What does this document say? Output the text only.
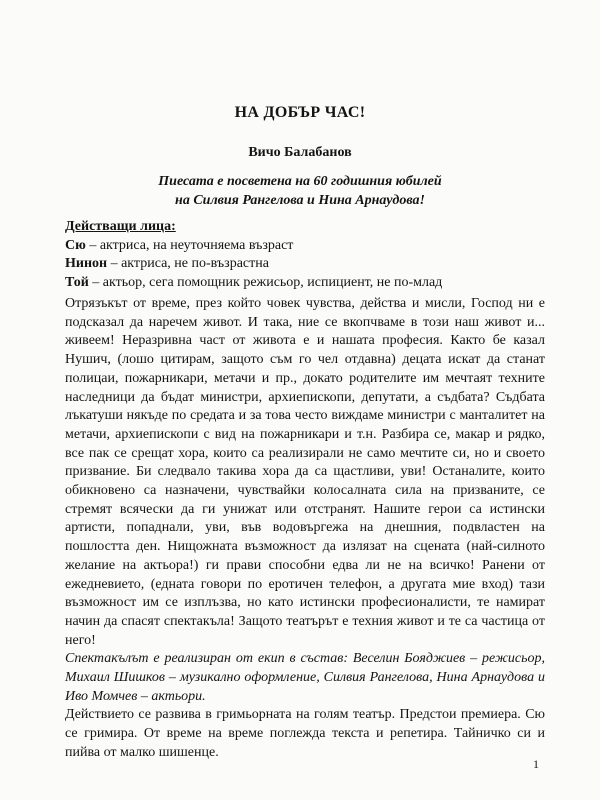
НА ДОБЪР ЧАС!
Вичо Балабанов
Пиесата е посветена на 60 годишния юбилей
на Силвия Рангелова и Нина Арнаудова!
Действащи лица:
Сю – актриса, на неуточняема възраст
Нинон – актриса, не по-възрастна
Той – актьор, сега помощник режисьор, испициент, не по-млад

Отрязъкът от време, през който човек чувства, действа и мисли, Господ ни е подсказал да наречем живот. И така, ние се вкопчваме в този наш живот и... живеем! Неразривна част от живота е и нашата професия. Както бе казал Нушич, (лошо цитирам, защото съм го чел отдавна) децата искат да станат полицаи, пожарникари, метачи и пр., докато родителите им мечтаят техните наследници да бъдат министри, архиепископи, депутати, а съдбата? Съдбата лъкатуши някъде по средата и за това често виждаме министри с манталитет на метачи, архиепископи с вид на пожарникари и т.н. Разбира се, макар и рядко, все пак се срещат хора, които са реализирали не само мечтите си, но и своето призвание. Би следвало такива хора да са щастливи, уви! Останалите, които обикновено са назначени, чувствайки колосалната сила на призваните, се стремят всячески да ги унижат или отстранят. Нашите герои са истински артисти, попаднали, уви, във водовъргежа на днешния, подвластен на пошлостта ден. Нищожната възможност да излязат на сцената (най-силното желание на актьора!) ги прави способни едва ли не на всичко! Ранени от ежедневието, (едната говори по еротичен телефон, а другата мие вход) тази възможност им се изплъзва, но като истински професионалисти, те намират начин да спасят спектакъла! Защото театърът е техния живот и те са частица от него!

Спектакълът е реализиран от екип в състав: Веселин Бояджиев – режисьор, Михаил Шишков – музикално оформление, Силвия Рангелова, Нина Арнаудова и Иво Момчев – актьори.

Действието се развива в гримьорната на голям театър. Предстои премиера. Сю се гримира. От време на време поглежда текста и репетира. Тайничко си и пийва от малко шишенце.

1
